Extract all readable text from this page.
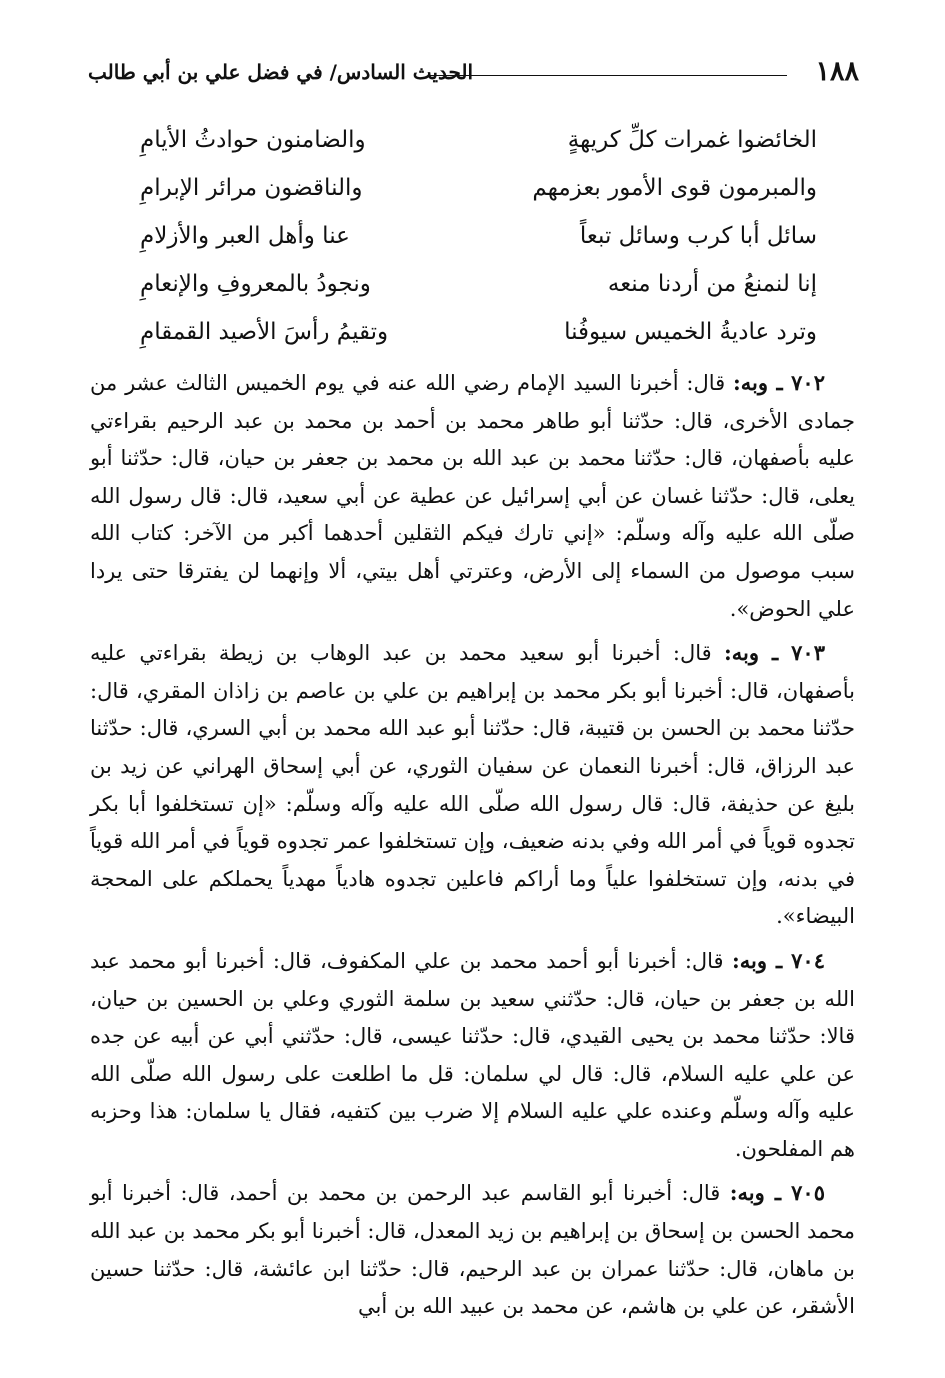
١٨٨
الحديث السادس/ في فضل علي بن أبي طالب
الخائضوا غمرات كلِّ كريهةٍ
والضامنون حوادثُ الأيامِ
والمبرمون قوى الأمور بعزمهم
والناقضون مرائر الإبرامِ
سائل أبا كرب وسائل تبعاً
عنا وأهل العبر والأزلامِ
إنا لنمنعُ من أردنا منعه
ونجودُ بالمعروفِ والإنعامِ
وترد عاديةُ الخميس سيوفُنا
وتقيمُ رأسَ الأصيد القمقامِ

٧٠٢ ـ وبه: قال: أخبرنا السيد الإمام رضي الله عنه في يوم الخميس الثالث عشر من جمادى الأخرى، قال: حدّثنا أبو طاهر محمد بن أحمد بن محمد بن عبد الرحيم بقراءتي عليه بأصفهان، قال: حدّثنا محمد بن عبد الله بن محمد بن جعفر بن حيان، قال: حدّثنا أبو يعلى، قال: حدّثنا غسان عن أبي إسرائيل عن عطية عن أبي سعيد، قال: قال رسول الله صلّى الله عليه وآله وسلّم: «إني تارك فيكم الثقلين أحدهما أكبر من الآخر: كتاب الله سبب موصول من السماء إلى الأرض، وعترتي أهل بيتي، ألا وإنهما لن يفترقا حتى يردا علي الحوض».

٧٠٣ ـ وبه: قال: أخبرنا أبو سعيد محمد بن عبد الوهاب بن زيطة بقراءتي عليه بأصفهان، قال: أخبرنا أبو بكر محمد بن إبراهيم بن علي بن عاصم بن زاذان المقري، قال: حدّثنا محمد بن الحسن بن قتيبة، قال: حدّثنا أبو عبد الله محمد بن أبي السري، قال: حدّثنا عبد الرزاق، قال: أخبرنا النعمان عن سفيان الثوري، عن أبي إسحاق الهراني عن زيد بن بليغ عن حذيفة، قال: قال رسول الله صلّى الله عليه وآله وسلّم: «إن تستخلفوا أبا بكر تجدوه قوياً في أمر الله وفي بدنه ضعيف، وإن تستخلفوا عمر تجدوه قوياً في أمر الله قوياً في بدنه، وإن تستخلفوا علياً وما أراكم فاعلين تجدوه هادياً مهدياً يحملكم على المحجة البيضاء».

٧٠٤ ـ وبه: قال: أخبرنا أبو أحمد محمد بن علي المكفوف، قال: أخبرنا أبو محمد عبد الله بن جعفر بن حيان، قال: حدّثني سعيد بن سلمة الثوري وعلي بن الحسين بن حيان، قالا: حدّثنا محمد بن يحيى القيدي، قال: حدّثنا عيسى، قال: حدّثني أبي عن أبيه عن جده عن علي عليه السلام، قال: قال لي سلمان: قل ما اطلعت على رسول الله صلّى الله عليه وآله وسلّم وعنده علي عليه السلام إلا ضرب بين كتفيه، فقال يا سلمان: هذا وحزبه هم المفلحون.

٧٠٥ ـ وبه: قال: أخبرنا أبو القاسم عبد الرحمن بن محمد بن أحمد، قال: أخبرنا أبو محمد الحسن بن إسحاق بن إبراهيم بن زيد المعدل، قال: أخبرنا أبو بكر محمد بن عبد الله بن ماهان، قال: حدّثنا عمران بن عبد الرحيم، قال: حدّثنا ابن عائشة، قال: حدّثنا حسين الأشقر، عن علي بن هاشم، عن محمد بن عبيد الله بن أبي
